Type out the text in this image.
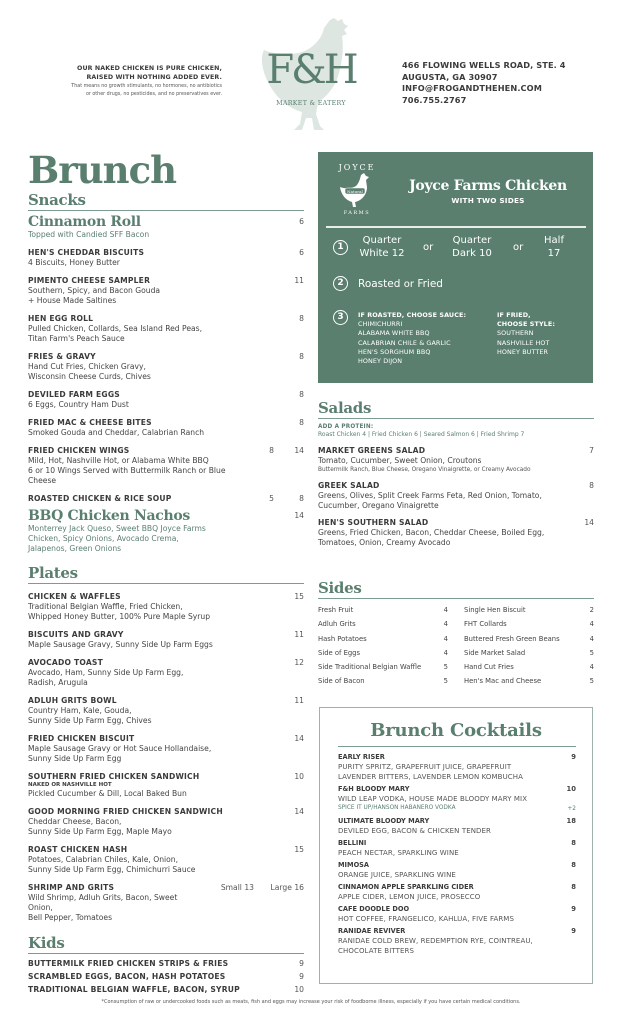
OUR NAKED CHICKEN IS PURE CHICKEN,
RAISED WITH NOTHING ADDED EVER.
That means no growth stimulants, no hormones, no antibiotics
or other drugs, no pesticides, and no preservatives ever.
F&H
MARKET & EATERY
466 FLOWING WELLS ROAD, STE. 4
AUGUSTA, GA 30907
INFO@FROGANDTHEHEN.COM
706.755.2767
Brunch
Snacks
Cinnamon Roll
Topped with Candied SFF Bacon
6
HEN'S CHEDDAR BISCUITS
4 Biscuits, Honey Butter
6
PIMENTO CHEESE SAMPLER
Southern, Spicy, and Bacon Gouda
+ House Made Saltines
11
HEN EGG ROLL
Pulled Chicken, Collards, Sea Island Red Peas,
Titan Farm's Peach Sauce
8
FRIES & GRAVY
Hand Cut Fries, Chicken Gravy,
Wisconsin Cheese Curds, Chives
8
DEVILED FARM EGGS
6 Eggs, Country Ham Dust
8
FRIED MAC & CHEESE BITES
Smoked Gouda and Cheddar, Calabrian Ranch
8
FRIED CHICKEN WINGS
Mild, Hot, Nashville Hot, or Alabama White BBQ
6 or 10 Wings Served with Buttermilk Ranch or Blue Cheese
8	14
ROASTED CHICKEN & RICE SOUP	5	8
BBQ Chicken Nachos
Monterrey Jack Queso, Sweet BBQ Joyce Farms
Chicken, Spicy Onions, Avocado Crema,
Jalapenos, Green Onions
14
Plates
CHICKEN & WAFFLES
Traditional Belgian Waffle, Fried Chicken,
Whipped Honey Butter, 100% Pure Maple Syrup
15
BISCUITS AND GRAVY
Maple Sausage Gravy, Sunny Side Up Farm Eggs
11
AVOCADO TOAST
Avocado, Ham, Sunny Side Up Farm Egg,
Radish, Arugula
12
ADLUH GRITS BOWL
Country Ham, Kale, Gouda,
Sunny Side Up Farm Egg, Chives
11
FRIED CHICKEN BISCUIT
Maple Sausage Gravy or Hot Sauce Hollandaise,
Sunny Side Up Farm Egg
14
SOUTHERN FRIED CHICKEN SANDWICH
NAKED OR NASHVILLE HOT
Pickled Cucumber & Dill, Local Baked Bun
10
GOOD MORNING FRIED CHICKEN SANDWICH
Cheddar Cheese, Bacon,
Sunny Side Up Farm Egg, Maple Mayo
14
ROAST CHICKEN HASH
Potatoes, Calabrian Chiles, Kale, Onion,
Sunny Side Up Farm Egg, Chimichurri Sauce
15
SHRIMP AND GRITS
Wild Shrimp, Adluh Grits, Bacon, Sweet Onion,
Bell Pepper, Tomatoes
Small 13	Large 16
Kids
BUTTERMILK FRIED CHICKEN STRIPS & FRIES	9
SCRAMBLED EGGS, BACON, HASH POTATOES	9
TRADITIONAL BELGIAN WAFFLE, BACON, SYRUP	10
JOYCE
Natural
FARMS
Joyce Farms Chicken
WITH TWO SIDES
1
Quarter
White 12
or
Quarter
Dark 10
or
Half
17
2	Roasted or Fried
3	IF ROASTED, CHOOSE SAUCE:
CHIMICHURRI
ALABAMA WHITE BBQ
CALABRIAN CHILE & GARLIC
HEN'S SORGHUM BBQ
HONEY DIJON
IF FRIED,
CHOOSE STYLE:
SOUTHERN
NASHVILLE HOT
HONEY BUTTER
Salads
ADD A PROTEIN:
Roast Chicken 4 | Fried Chicken 6 | Seared Salmon 6 | Fried Shrimp 7
MARKET GREENS SALAD
Tomato, Cucumber, Sweet Onion, Croutons
Buttermilk Ranch, Blue Cheese, Oregano Vinaigrette, or Creamy Avocado
7
GREEK SALAD
Greens, Olives, Split Creek Farms Feta, Red Onion, Tomato,
Cucumber, Oregano Vinaigrette
8
HEN'S SOUTHERN SALAD
Greens, Fried Chicken, Bacon, Cheddar Cheese, Boiled Egg,
Tomatoes, Onion, Creamy Avocado
14
Sides
Fresh Fruit	4
Adluh Grits	4
Hash Potatoes	4
Side of Eggs	4
Side Traditional Belgian Waffle	5
Side of Bacon	5
Single Hen Biscuit	2
FHT Collards	4
Buttered Fresh Green Beans	4
Side Market Salad	5
Hand Cut Fries	4
Hen's Mac and Cheese	5
Brunch Cocktails
EARLY RISER
PURITY SPRITZ, GRAPEFRUIT JUICE, GRAPEFRUIT
LAVENDER BITTERS, LAVENDER LEMON KOMBUCHA
9
F&H BLOODY MARY
WILD LEAP VODKA, HOUSE MADE BLOODY MARY MIX
SPICE IT UP/HANSON HABANERO VODKA
10
+2
ULTIMATE BLOODY MARY
DEVILED EGG, BACON & CHICKEN TENDER
18
BELLINI
PEACH NECTAR, SPARKLING WINE
8
MIMOSA
ORANGE JUICE, SPARKLING WINE
8
CINNAMON APPLE SPARKLING CIDER
APPLE CIDER, LEMON JUICE, PROSECCO
8
CAFE DOODLE DOO
HOT COFFEE, FRANGELICO, KAHLUA, FIVE FARMS
9
RANIDAE REVIVER
RANIDAE COLD BREW, REDEMPTION RYE, COINTREAU,
CHOCOLATE BITTERS
9
*Consumption of raw or undercooked foods such as meats, fish and eggs may increase your risk of foodborne illness, especially if you have certain medical conditions.
